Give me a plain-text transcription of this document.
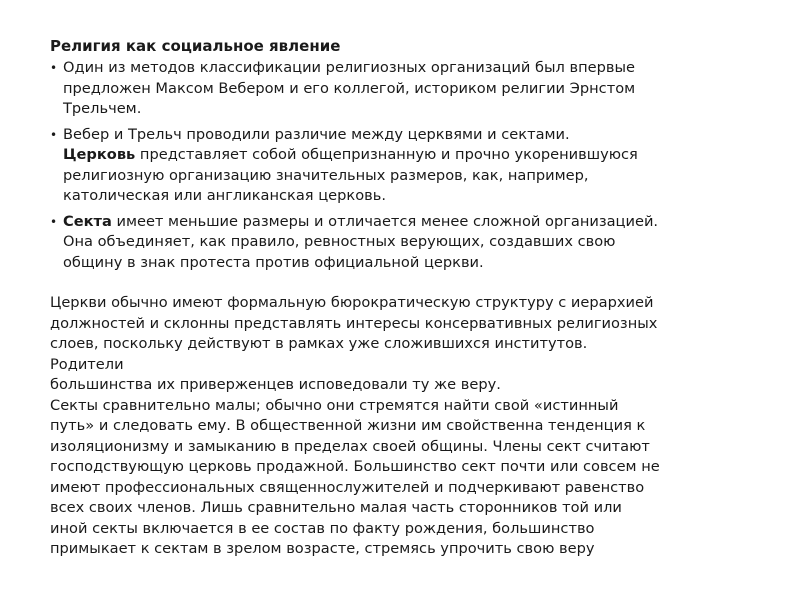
Религия как социальное явление
• Один из методов классификации религиозных организаций был впервые
предложен Максом Вебером и его коллегой, историком религии Эрнстом
Трельчем.
• Вебер и Трельч проводили различие между церквями и сектами.
Церковь представляет собой общепризнанную и прочно укоренившуюся
религиозную организацию значительных размеров, как, например,
католическая или англиканская церковь.
• Секта имеет меньшие размеры и отличается менее сложной организацией.
Она объединяет, как правило, ревностных верующих, создавших свою
общину в знак протеста против официальной церкви.
Церкви обычно имеют формальную бюрократическую структуру с иерархией
должностей и склонны представлять интересы консервативных религиозных
слоев, поскольку действуют в рамках уже сложившихся институтов.
Родители
большинства их приверженцев исповедовали ту же веру.
Секты сравнительно малы; обычно они стремятся найти свой «истинный
путь» и следовать ему. В общественной жизни им свойственна тенденция к
изоляционизму и замыканию в пределах своей общины. Члены сект считают
господствующую церковь продажной. Большинство сект почти или совсем не
имеют профессиональных священнослужителей и подчеркивают равенство
всех своих членов. Лишь сравнительно малая часть сторонников той или
иной секты включается в ее состав по факту рождения, большинство
примыкает к сектам в зрелом возрасте, стремясь упрочить свою веру
